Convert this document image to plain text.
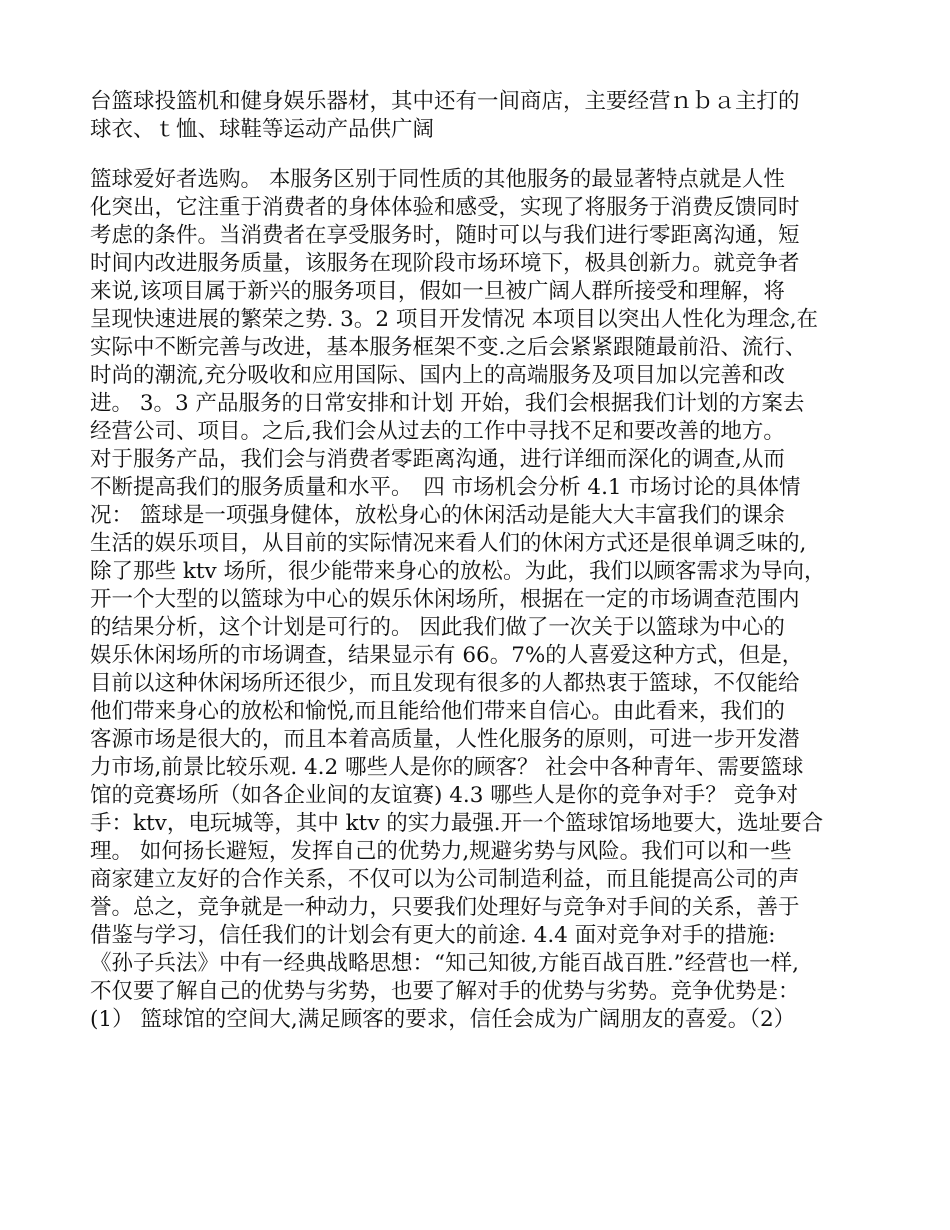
台篮球投篮机和健身娱乐器材，其中还有一间商店，主要经营ｎｂａ主打的
球衣、ｔ恤、球鞋等运动产品供广阔
篮球爱好者选购。 本服务区别于同性质的其他服务的最显著特点就是人性
化突出，它注重于消费者的身体体验和感受，实现了将服务于消费反馈同时
考虑的条件。当消费者在享受服务时，随时可以与我们进行零距离沟通，短
时间内改进服务质量，该服务在现阶段市场环境下，极具创新力。就竞争者
来说,该项目属于新兴的服务项目，假如一旦被广阔人群所接受和理解，将
呈现快速进展的繁荣之势. 3。2 项目开发情况 本项目以突出人性化为理念,在
实际中不断完善与改进，基本服务框架不变.之后会紧紧跟随最前沿、流行、
时尚的潮流,充分吸收和应用国际、国内上的高端服务及项目加以完善和改
进。 3。3 产品服务的日常安排和计划 开始，我们会根据我们计划的方案去
经营公司、项目。之后,我们会从过去的工作中寻找不足和要改善的地方。
对于服务产品，我们会与消费者零距离沟通，进行详细而深化的调查,从而
不断提高我们的服务质量和水平。　四 市场机会分析 4.1 市场讨论的具体情
况： 篮球是一项强身健体，放松身心的休闲活动是能大大丰富我们的课余
生活的娱乐项目，从目前的实际情况来看人们的休闲方式还是很单调乏味的,
除了那些 ktv 场所，很少能带来身心的放松。为此，我们以顾客需求为导向，
开一个大型的以篮球为中心的娱乐休闲场所，根据在一定的市场调查范围内
的结果分析，这个计划是可行的。 因此我们做了一次关于以篮球为中心的
娱乐休闲场所的市场调查，结果显示有 66。7%的人喜爱这种方式，但是，
目前以这种休闲场所还很少，而且发现有很多的人都热衷于篮球，不仅能给
他们带来身心的放松和愉悦,而且能给他们带来自信心。由此看来，我们的
客源市场是很大的，而且本着高质量，人性化服务的原则，可进一步开发潜
力市场,前景比较乐观. 4.2 哪些人是你的顾客？ 社会中各种青年、需要篮球
馆的竞赛场所（如各企业间的友谊赛) 4.3 哪些人是你的竞争对手？ 竞争对
手：ktv，电玩城等，其中 ktv 的实力最强.开一个篮球馆场地要大，选址要合
理。 如何扬长避短，发挥自己的优势力,规避劣势与风险。我们可以和一些
商家建立友好的合作关系，不仅可以为公司制造利益，而且能提高公司的声
誉。总之，竞争就是一种动力，只要我们处理好与竞争对手间的关系，善于
借鉴与学习，信任我们的计划会有更大的前途. 4.4 面对竞争对手的措施:
《孙子兵法》中有一经典战略思想：“知己知彼,方能百战百胜.”经营也一样,
不仅要了解自己的优势与劣势，也要了解对手的优势与劣势。竞争优势是：
(1） 篮球馆的空间大,满足顾客的要求，信任会成为广阔朋友的喜爱。（2）
